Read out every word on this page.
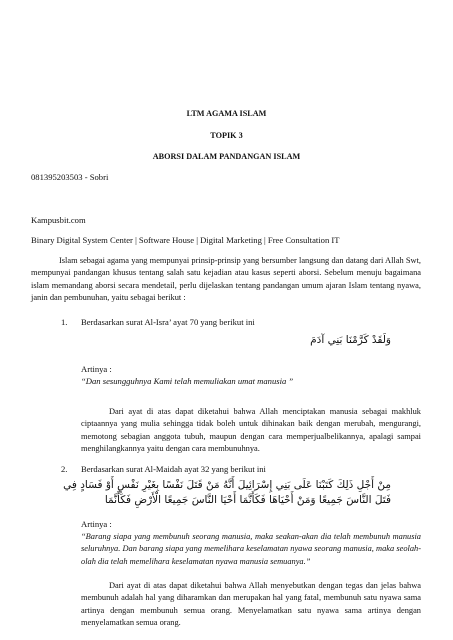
LTM AGAMA ISLAM

TOPIK 3

ABORSI DALAM PANDANGAN ISLAM

081395203503 - Sobri

Kampusbit.com

Binary Digital System Center | Software House | Digital Marketing | Free Consultation IT

Islam sebagai agama yang mempunyai prinsip-prinsip yang bersumber langsung dan datang dari Allah Swt, mempunyai pandangan khusus tentang salah satu kejadian atau kasus seperti aborsi. Sebelum menuju bagaimana islam memandang aborsi secara mendetail, perlu dijelaskan tentang pandangan umum ajaran Islam tentang nyawa, janin dan pembunuhan, yaitu sebagai berikut :

1. Berdasarkan surat Al-Isra’ ayat 70 yang berikut ini

وَلَقَدْ كَرَّمْنَا بَنِي آدَمَ

Artinya :

“Dan sesungguhnya Kami telah memuliakan umat manusia ”

Dari ayat di atas dapat diketahui bahwa Allah menciptakan manusia sebagai makhluk ciptaannya yang mulia sehingga tidak boleh untuk dihinakan baik dengan merubah, mengurangi, memotong sebagian anggota tubuh, maupun dengan cara memperjualbelikannya, apalagi sampai menghilangkannya yaitu dengan cara membunuhnya.

2. Berdasarkan surat Al-Maidah ayat 32 yang berikut ini

مِنْ أَجْلِ ذَلِكَ كَتَبْنَا عَلَى بَنِي إِسْرَائِيلَ أَنَّهُ مَنْ قَتَلَ نَفْسًا بِغَيْرِ نَفْسٍ أَوْ فَسَادٍ فِي

فَتَلَ النَّاسَ جَمِيعًا وَمَنْ أَحْيَاهَا فَكَأَنَّمَا أَحْيَا النَّاسَ جَمِيعًا الْأَرْضِ فَكَأَنَّمَا

Artinya :

“Barang siapa yang membunuh seorang manusia, maka seakan-akan dia telah membunuh manusia seluruhnya. Dan barang siapa yang memelihara keselamatan nyawa seorang manusia, maka seolah-olah dia telah memelihara keselamatan nyawa manusia semuanya.”

Dari ayat di atas dapat diketahui bahwa Allah menyebutkan dengan tegas dan jelas bahwa membunuh adalah hal yang diharamkan dan merupakan hal yang fatal, membunuh satu nyawa sama artinya dengan membunuh semua orang. Menyelamatkan satu nyawa sama artinya dengan menyelamatkan semua orang.
